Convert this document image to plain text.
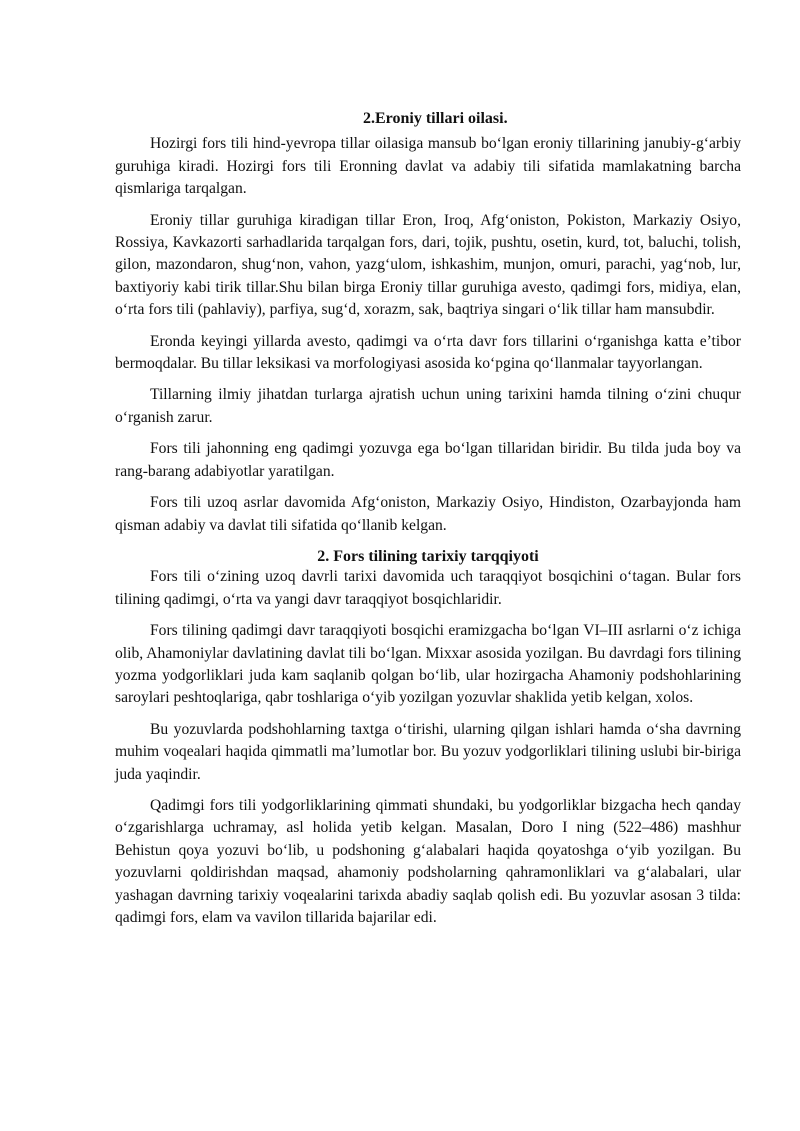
2.Eroniy tillari oilasi.

Hozirgi fors tili hind-yevropa tillar oilasiga mansub bo‘lgan eroniy tillarining janubiy-g‘arbiy guruhiga kiradi. Hozirgi fors tili Eronning davlat va adabiy tili sifatida mamlakatning barcha qismlariga tarqalgan.

Eroniy tillar guruhiga kiradigan tillar Eron, Iroq, Afg‘oniston, Pokiston, Markaziy Osiyo, Rossiya, Kavkazorti sarhadlarida tarqalgan fors, dari, tojik, pushtu, osetin, kurd, tot, baluchi, tolish, gilon, mazondaron, shug‘non, vahon, yazg‘ulom, ishkashim, munjon, omuri, parachi, yag‘nob, lur, baxtiyoriy kabi tirik tillar.Shu bilan birga Eroniy tillar guruhiga avesto, qadimgi fors, midiya, elan, o‘rta fors tili (pahlaviy), parfiya, sug‘d, xorazm, sak, baqtriya singari o‘lik tillar ham mansubdir.

Eronda keyingi yillarda avesto, qadimgi va o‘rta davr fors tillarini o‘rganishga katta e’tibor bermoqdalar. Bu tillar leksikasi va morfologiyasi asosida ko‘pgina qo‘llanmalar tayyorlangan.

Tillarning ilmiy jihatdan turlarga ajratish uchun uning tarixini hamda tilning o‘zini chuqur o‘rganish zarur.

Fors tili jahonning eng qadimgi yozuvga ega bo‘lgan tillaridan biridir. Bu tilda juda boy va rang-barang adabiyotlar yaratilgan.

Fors tili uzoq asrlar davomida Afg‘oniston, Markaziy Osiyo, Hindiston, Ozarbayjonda ham qisman adabiy va davlat tili sifatida qo‘llanib kelgan.

2. Fors tilining tarixiy tarqqiyoti

Fors tili o‘zining uzoq davrli tarixi davomida uch taraqqiyot bosqichini o‘tagan. Bular fors tilining qadimgi, o‘rta va yangi davr taraqqiyot bosqichlaridir.

Fors tilining qadimgi davr taraqqiyoti bosqichi eramizgacha bo‘lgan VI–III asrlarni o‘z ichiga olib, Ahamoniylar davlatining davlat tili bo‘lgan. Mixxar asosida yozilgan. Bu davrdagi fors tilining yozma yodgorliklari juda kam saqlanib qolgan bo‘lib, ular hozirgacha Ahamoniy podshohlarining saroylari peshtoqlariga, qabr toshlariga o‘yib yozilgan yozuvlar shaklida yetib kelgan, xolos.

Bu yozuvlarda podshohlarning taxtga o‘tirishi, ularning qilgan ishlari hamda o‘sha davrning muhim voqealari haqida qimmatli ma’lumotlar bor. Bu yozuv yodgorliklari tilining uslubi bir-biriga juda yaqindir.

Qadimgi fors tili yodgorliklarining qimmati shundaki, bu yodgorliklar bizgacha hech qanday o‘zgarishlarga uchramay, asl holida yetib kelgan. Masalan, Doro I ning (522–486) mashhur Behistun qoya yozuvi bo‘lib, u podshoning g‘alabalari haqida qoyatoshga o‘yib yozilgan. Bu yozuvlarni qoldirishdan maqsad, ahamoniy podsholarning qahramonliklari va g‘alabalari, ular yashagan davrning tarixiy voqealarini tarixda abadiy saqlab qolish edi. Bu yozuvlar asosan 3 tilda: qadimgi fors, elam va vavilon tillarida bajarilar edi.
